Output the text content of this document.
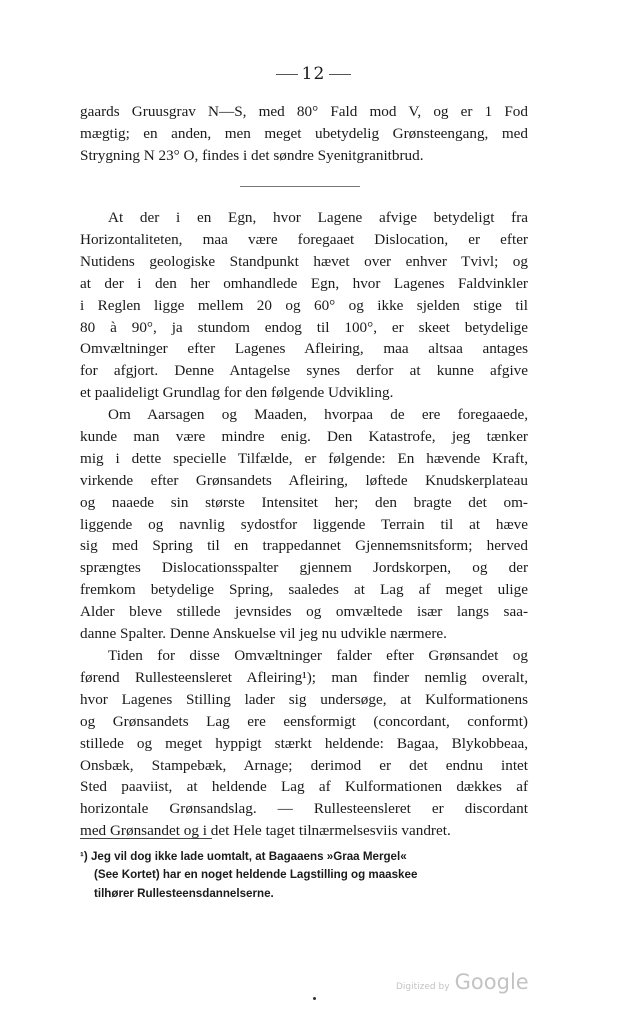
12
gaards Gruusgrav N—S, med 80° Fald mod V, og er 1 Fod
mægtig; en anden, men meget ubetydelig Grønsteengang, med
Strygning N 23° O, findes i det søndre Syenitgranitbrud.
At der i en Egn, hvor Lagene afvige betydeligt fra
Horizontaliteten, maa være foregaaet Dislocation, er efter
Nutidens geologiske Standpunkt hævet over enhver Tvivl; og
at der i den her omhandlede Egn, hvor Lagenes Faldvinkler
i Reglen ligge mellem 20 og 60° og ikke sjelden stige til
80 à 90°, ja stundom endog til 100°, er skeet betydelige
Omvæltninger efter Lagenes Afleiring, maa altsaa antages
for afgjort. Denne Antagelse synes derfor at kunne afgive
et paalideligt Grundlag for den følgende Udvikling.
Om Aarsagen og Maaden, hvorpaa de ere foregaaede,
kunde man være mindre enig. Den Katastrofe, jeg tænker
mig i dette specielle Tilfælde, er følgende: En hævende Kraft,
virkende efter Grønsandets Afleiring, løftede Knudskerplateau
og naaede sin største Intensitet her; den bragte det om-
liggende og navnlig sydostfor liggende Terrain til at hæve
sig med Spring til en trappedannet Gjennemsnitsform; herved
sprængtes Dislocationsspalter gjennem Jordskorpen, og der
fremkom betydelige Spring, saaledes at Lag af meget ulige
Alder bleve stillede jevnsides og omvæltede især langs saa-
danne Spalter. Denne Anskuelse vil jeg nu udvikle nærmere.
Tiden for disse Omvæltninger falder efter Grønsandet og
førend Rullesteensleret Afleiring¹); man finder nemlig overalt,
hvor Lagenes Stilling lader sig undersøge, at Kulformationens
og Grønsandets Lag ere eensformigt (concordant, conformt)
stillede og meget hyppigt stærkt heldende: Bagaa, Blykobbeaa,
Onsbæk, Stampebæk, Arnage; derimod er det endnu intet
Sted paaviist, at heldende Lag af Kulformationen dækkes af
horizontale Grønsandslag. — Rullesteensleret er discordant
med Grønsandet og i det Hele taget tilnærmelsesviis vandret.
¹) Jeg vil dog ikke lade uomtalt, at Bagaaens »Graa Mergel«
(See Kortet) har en noget heldende Lagstilling og maaskee
tilhører Rullesteensdannelserne.
Digitized by Google
